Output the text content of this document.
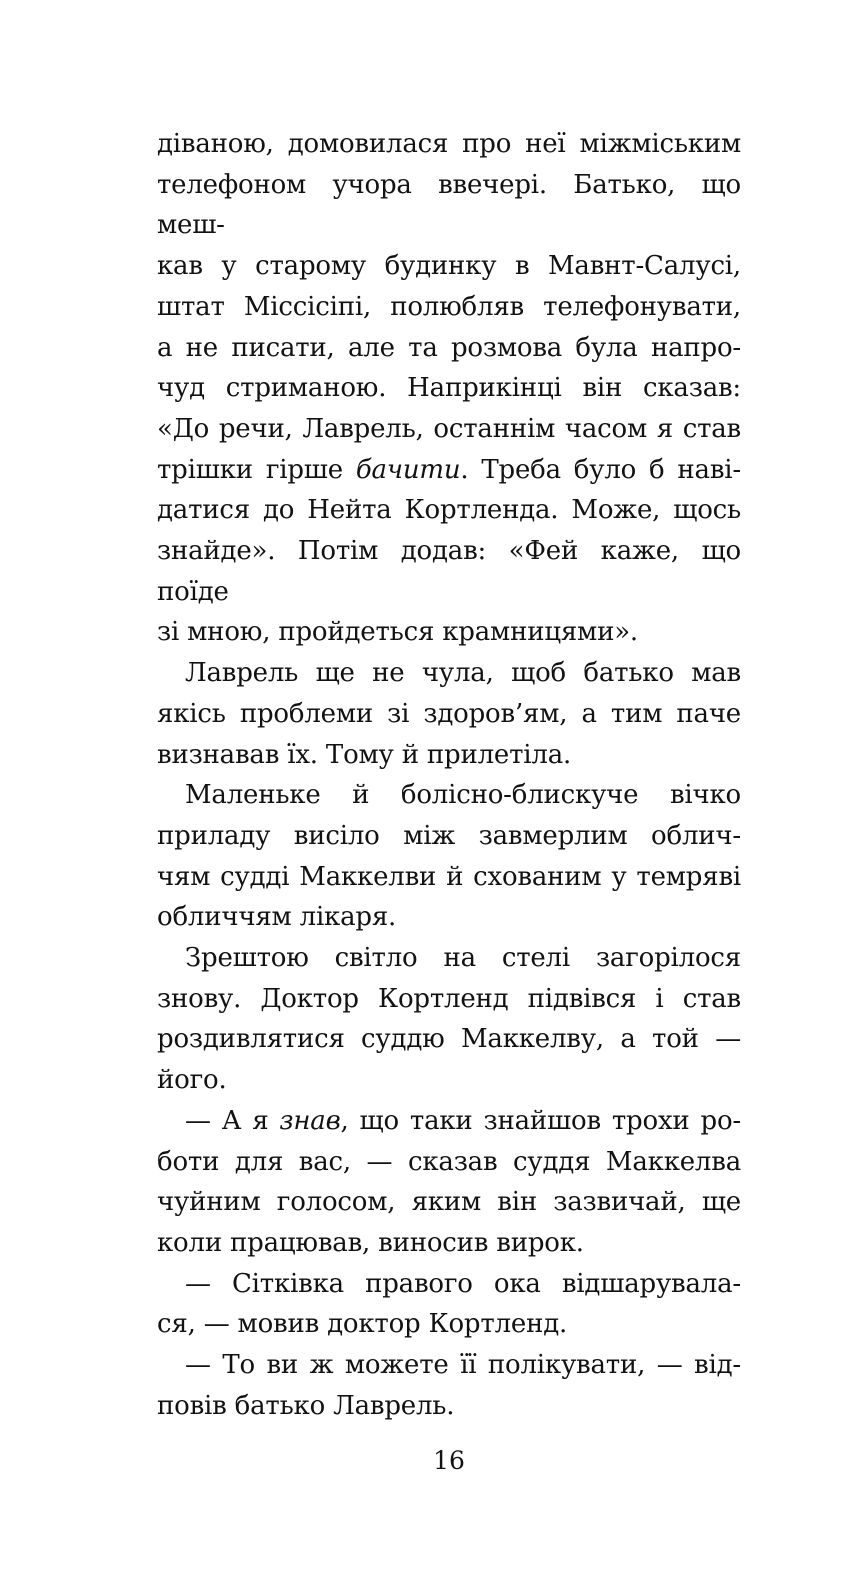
діваною, домовилася про неї міжміським
телефоном учора ввечері. Батько, що меш-
кав у старому будинку в Мавнт-Салусі,
штат Міссісіпі, полюбляв телефонувати,
а не писати, але та розмова була напро-
чуд стриманою. Наприкінці він сказав:
«До речи, Лаврель, останнім часом я став
трішки гірше бачити. Треба було б наві-
датися до Нейта Кортленда. Може, щось
знайде». Потім додав: «Фей каже, що поїде
зі мною, пройдеться крамницями».
Лаврель ще не чула, щоб батько мав
якісь проблеми зі здоров’ям, а тим паче
визнавав їх. Тому й прилетіла.
Маленьке й болісно-блискуче вічко
приладу висіло між завмерлим облич-
чям судді Маккелви й схованим у темряві
обличчям лікаря.
Зрештою світло на стелі загорілося
знову. Доктор Кортленд підвівся і став
роздивлятися суддю Маккелву, а той —
його.
— А я знав, що таки знайшов трохи ро-
боти для вас, — сказав суддя Маккелва
чуйним голосом, яким він зазвичай, ще
коли працював, виносив вирок.
— Сітківка правого ока відшарувала-
ся, — мовив доктор Кортленд.
— То ви ж можете її полікувати, — від-
повів батько Лаврель.
16
